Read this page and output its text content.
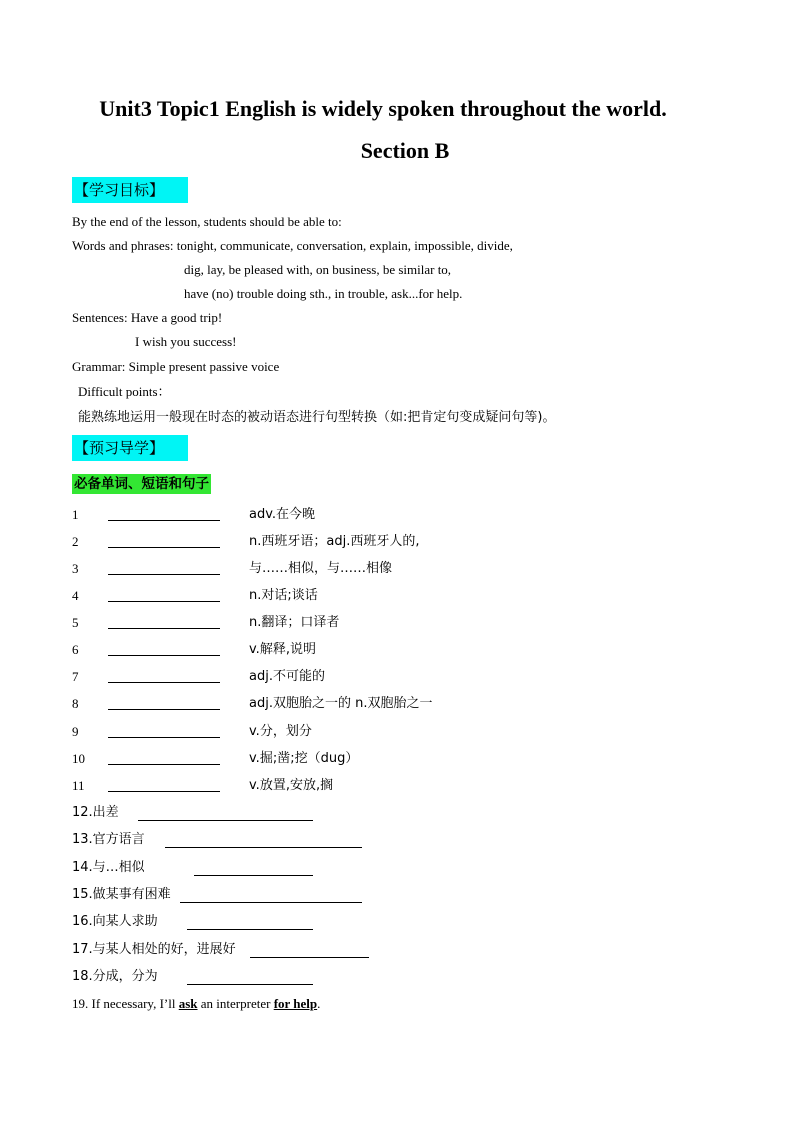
Unit3 Topic1 English is widely spoken throughout the world.
Section B
【学习目标】
By the end of the lesson, students should be able to:
Words and phrases: tonight, communicate, conversation, explain, impossible, divide,
dig, lay, be pleased with, on business, be similar to,
have (no) trouble doing sth., in trouble, ask...for help.
Sentences: Have a good trip!
I wish you success!
Grammar: Simple present passive voice
Difficult points：
能熟练地运用一般现在时态的被动语态进行句型转换（如:把肯定句变成疑问句等)。
【预习导学】
必备单词、短语和句子
1	adv.在今晚
2	n.西班牙语；adj.西班牙人的,
3	与……相似，与……相像
4	n.对话;谈话
5	n.翻译；口译者
6	v.解释,说明
7	adj.不可能的
8	adj.双胞胎之一的 n.双胞胎之一
9	v.分，划分
10	v.掘;凿;挖（dug）
11	v.放置,安放,搁
12.出差
13.官方语言
14.与…相似
15.做某事有困难
16.向某人求助
17.与某人相处的好，进展好
18.分成，分为
19. If necessary, I’ll ask an interpreter for help.
